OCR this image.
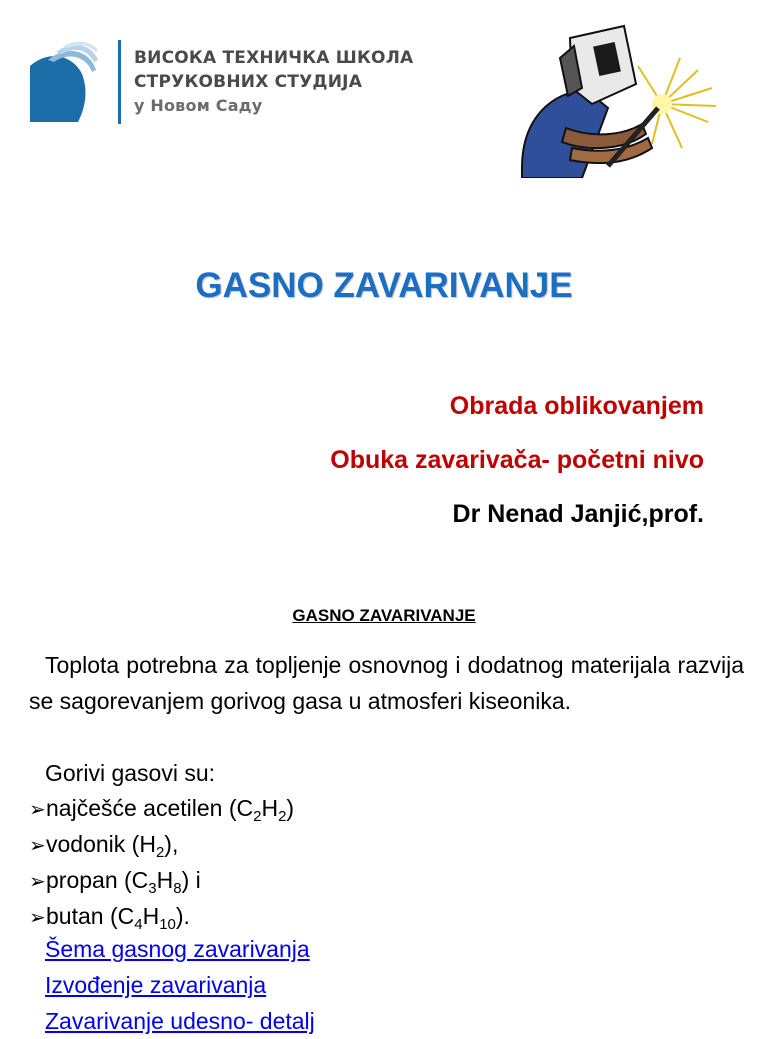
ВИСОКА ТЕХНИЧКА ШКОЛА
СТРУКОВНИХ СТУДИЈА
у Новом Саду
GASNO ZAVARIVANJE
Obrada oblikovanjem
Obuka zavarivača- početni nivo
Dr Nenad Janjić,prof.
GASNO ZAVARIVANJE
Toplota potrebna za topljenje osnovnog i dodatnog materijala razvija se sagorevanjem gorivog gasa u atmosferi kiseonika.
Gorivi gasovi su:
➢najčešće acetilen $(C_2H_2)$
➢vodonik $(H_2)$,
➢propan $(C_3H_8)$ i
➢butan $(C_4H_{10})$.
Šema gasnog zavarivanja
Izvođenje zavarivanja
Zavarivanje udesno- detalj
